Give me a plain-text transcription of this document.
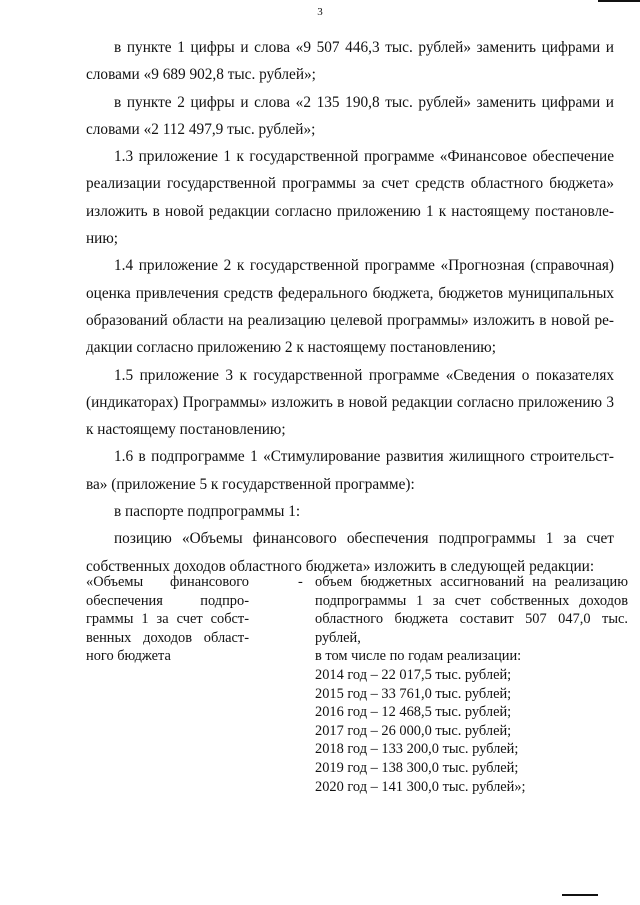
3

в пункте 1 цифры и слова «9 507 446,3 тыс. рублей» заменить цифрами и словами «9 689 902,8 тыс. рублей»;

в пункте 2 цифры и слова «2 135 190,8 тыс. рублей» заменить цифрами и словами «2 112 497,9 тыс. рублей»;

1.3 приложение 1 к государственной программе «Финансовое обеспечение реализации государственной программы за счет средств областного бюджета» изложить в новой редакции согласно приложению 1 к настоящему постановлению;

1.4 приложение 2 к государственной программе «Прогнозная (справочная) оценка привлечения средств федерального бюджета, бюджетов муниципальных образований области на реализацию целевой программы» изложить в новой редакции согласно приложению 2 к настоящему постановлению;

1.5 приложение 3 к государственной программе «Сведения о показателях (индикаторах) Программы» изложить в новой редакции согласно приложению 3 к настоящему постановлению;

1.6 в подпрограмме 1 «Стимулирование развития жилищного строительства» (приложение 5 к государственной программе):

в паспорте подпрограммы 1:

позицию «Объемы финансового обеспечения подпрограммы 1 за счет собственных доходов областного бюджета» изложить в следующей редакции:

«Объемы финансового обеспечения подпрограммы 1 за счет собственных доходов областного бюджета
- объем бюджетных ассигнований на реализацию подпрограммы 1 за счет собственных доходов областного бюджета составит 507 047,0 тыс. рублей,

в том числе по годам реализации:

2014 год – 22 017,5 тыс. рублей;

2015 год – 33 761,0 тыс. рублей;

2016 год – 12 468,5 тыс. рублей;

2017 год – 26 000,0 тыс. рублей;

2018 год – 133 200,0 тыс. рублей;

2019 год – 138 300,0 тыс. рублей;

2020 год – 141 300,0 тыс. рублей»;
